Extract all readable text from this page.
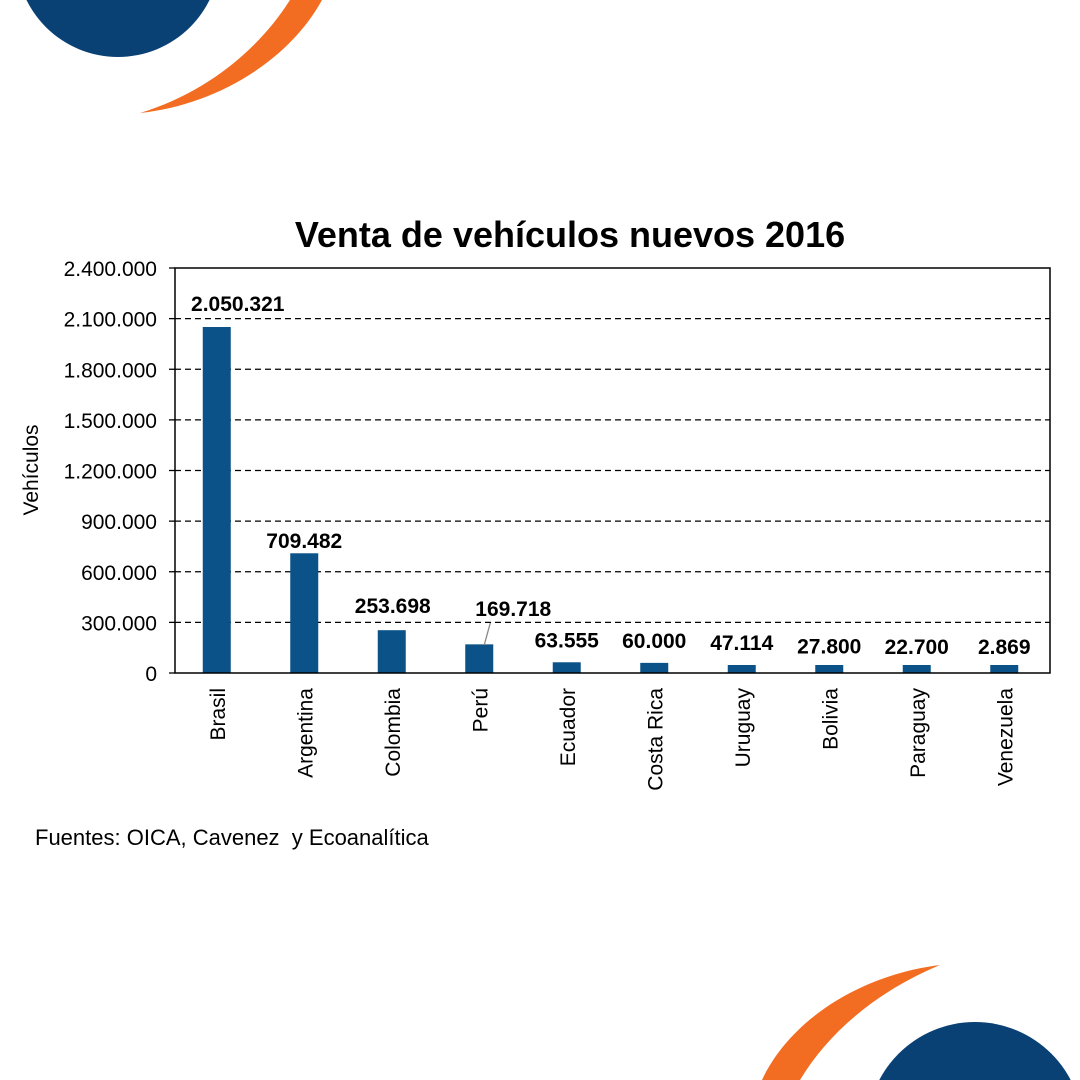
Venta de vehículos nuevos 2016
0
300.000
600.000
900.000
1.200.000
1.500.000
1.800.000
2.100.000
2.400.000
2.050.321
709.482
253.698 169.718
63.555 60.000 47.114 27.800 22.700 2.869
Brasil	Argentina	Colombia	Perú	Ecuador	Costa Rica	Uruguay	Bolivia	Paraguay	Venezuela
Vehículos
Fuentes: OICA, Cavenez  y Ecoanalítica
